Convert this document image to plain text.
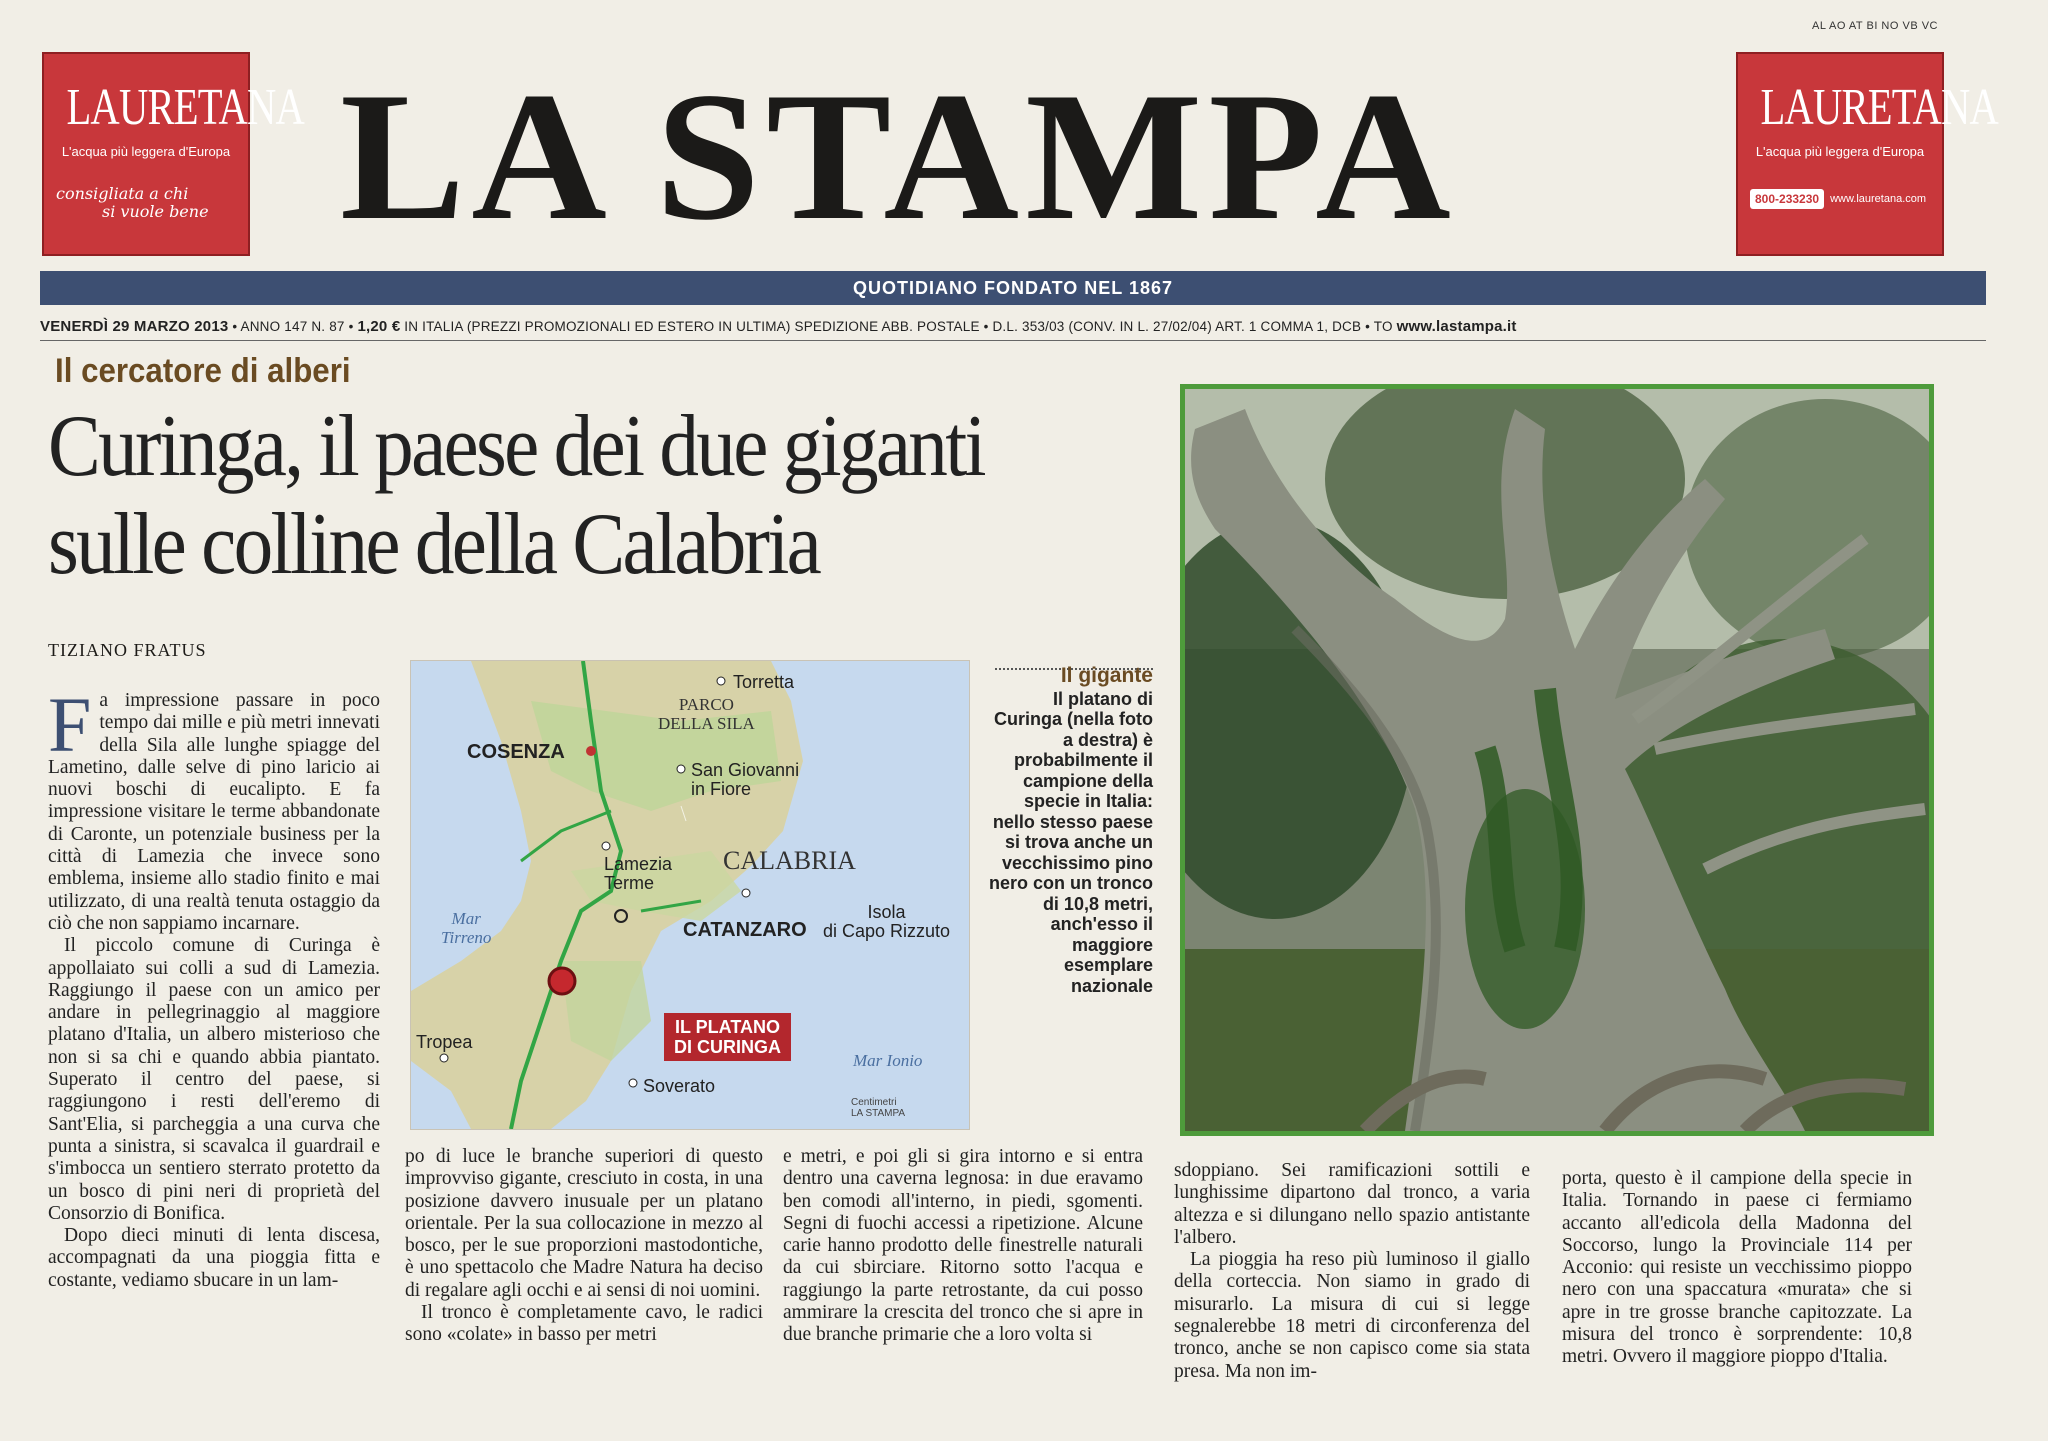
AL AO AT BI NO VB VC
LAURETANA
L'acqua più leggera d'Europa
consigliata a chi
si vuole bene LA STAMPA	LAURETANA
L'acqua più leggera d'Europa
800-233230	www.lauretana.com
QUOTIDIANO FONDATO NEL 1867
VENERDÌ 29 MARZO 2013 • ANNO 147 N. 87 • 1,20 € IN ITALIA (PREZZI PROMOZIONALI ED ESTERO IN ULTIMA) SPEDIZIONE ABB. POSTALE • D.L. 353/03 (CONV. IN L. 27/02/04) ART. 1 COMMA 1, DCB • TO www.lastampa.it
Il cercatore di alberi
Curinga, il paese dei due giganti
sulle colline della Calabria
TIZIANO FRATUS

Fa impressione passare in poco tempo dai mille e più metri innevati della Sila alle lunghe spiagge del Lametino, dalle selve di pino laricio ai nuovi boschi di eucalipto. E fa impressione visitare le terme abbandonate di Caronte, un potenziale business per la città di Lamezia che invece sono emblema, insieme allo stadio finito e mai utilizzato, di una realtà tenuta ostaggio da ciò che non sappiamo incarnare.

Il piccolo comune di Curinga è appollaiato sui colli a sud di Lamezia. Raggiungo il paese con un amico per andare in pellegrinaggio al maggiore platano d'Italia, un albero misterioso che non si sa chi e quando abbia piantato. Superato il centro del paese, si raggiungono i resti dell'eremo di Sant'Elia, si parcheggia a una curva che punta a sinistra, si scavalca il guardrail e s'imbocca un sentiero sterrato protetto da un bosco di pini neri di proprietà del Consorzio di Bonifica.

Dopo dieci minuti di lenta discesa, accompagnati da una pioggia fitta e costante, vediamo sbucare in un lam-

PARCO
DELLA SILA
COSENZA
Torretta
San Giovanni
in Fiore
Lamezia
Terme
CALABRIA
CATANZARO
Isola
di Capo Rizzuto
Mar
Tirreno
Tropea
IL PLATANO
DI CURINGA
Mar Ionio
Soverato
Centimetri
LA STAMPA
Il gigante
Il platano di Curinga (nella foto a destra) è probabilmente il campione della specie in Italia: nello stesso paese si trova anche un vecchissimo pino nero con un tronco di 10,8 metri, anch'esso il maggiore esemplare nazionale

po di luce le branche superiori di questo improvviso gigante, cresciuto in costa, in una posizione davvero inusuale per un platano orientale. Per la sua collocazione in mezzo al bosco, per le sue proporzioni mastodontiche, è uno spettacolo che Madre Natura ha deciso di regalare agli occhi e ai sensi di noi uomini.

Il tronco è completamente cavo, le radici sono «colate» in basso per metri

e metri, e poi gli si gira intorno e si entra dentro una caverna legnosa: in due eravamo ben comodi all'interno, in piedi, sgomenti. Segni di fuochi accessi a ripetizione. Alcune carie hanno prodotto delle finestrelle naturali da cui sbirciare. Ritorno sotto l'acqua e raggiungo la parte retrostante, da cui posso ammirare la crescita del tronco che si apre in due branche primarie che a loro volta si

sdoppiano. Sei ramificazioni sottili e lunghissime dipartono dal tronco, a varia altezza e si dilungano nello spazio antistante l'albero.

La pioggia ha reso più luminoso il giallo della corteccia. Non siamo in grado di misurarlo. La misura di cui si legge segnalerebbe 18 metri di circonferenza del tronco, anche se non capisco come sia stata presa. Ma non im-

porta, questo è il campione della specie in Italia. Tornando in paese ci fermiamo accanto all'edicola della Madonna del Soccorso, lungo la Provinciale 114 per Acconio: qui resiste un vecchissimo pioppo nero con una spaccatura «murata» che si apre in tre grosse branche capitozzate. La misura del tronco è sorprendente: 10,8 metri. Ovvero il maggiore pioppo d'Italia.
